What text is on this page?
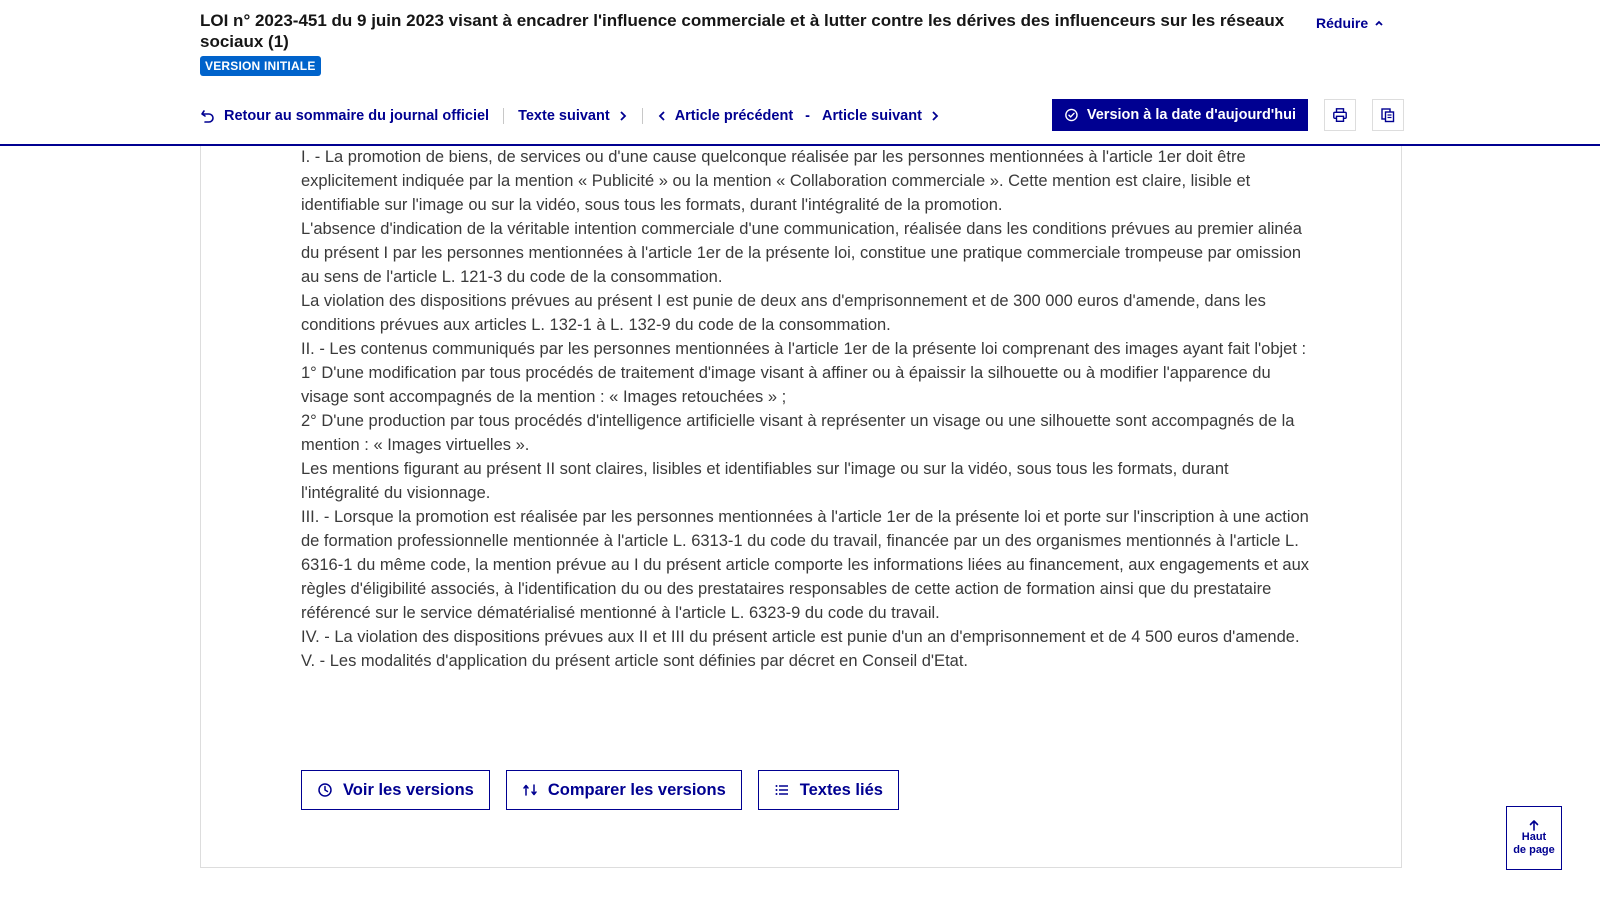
LOI n° 2023-451 du 9 juin 2023 visant à encadrer l'influence commerciale et à lutter contre les dérives des influenceurs sur les réseaux sociaux (1)
VERSION INITIALE
Réduire
Retour au sommaire du journal officiel Texte suivant	Article précédent - Article suivant	Version à la date d'aujourd'hui

I. - La promotion de biens, de services ou d'une cause quelconque réalisée par les personnes mentionnées à l'article 1er doit être explicitement indiquée par la mention « Publicité » ou la mention « Collaboration commerciale ». Cette mention est claire, lisible et identifiable sur l'image ou sur la vidéo, sous tous les formats, durant l'intégralité de la promotion.

L'absence d'indication de la véritable intention commerciale d'une communication, réalisée dans les conditions prévues au premier alinéa du présent I par les personnes mentionnées à l'article 1er de la présente loi, constitue une pratique commerciale trompeuse par omission au sens de l'article L. 121-3 du code de la consommation.

La violation des dispositions prévues au présent I est punie de deux ans d'emprisonnement et de 300 000 euros d'amende, dans les conditions prévues aux articles L. 132-1 à L. 132-9 du code de la consommation.

II. - Les contenus communiqués par les personnes mentionnées à l'article 1er de la présente loi comprenant des images ayant fait l'objet :

1° D'une modification par tous procédés de traitement d'image visant à affiner ou à épaissir la silhouette ou à modifier l'apparence du visage sont accompagnés de la mention : « Images retouchées » ;

2° D'une production par tous procédés d'intelligence artificielle visant à représenter un visage ou une silhouette sont accompagnés de la mention : « Images virtuelles ».

Les mentions figurant au présent II sont claires, lisibles et identifiables sur l'image ou sur la vidéo, sous tous les formats, durant l'intégralité du visionnage.

III. - Lorsque la promotion est réalisée par les personnes mentionnées à l'article 1er de la présente loi et porte sur l'inscription à une action de formation professionnelle mentionnée à l'article L. 6313-1 du code du travail, financée par un des organismes mentionnés à l'article L. 6316-1 du même code, la mention prévue au I du présent article comporte les informations liées au financement, aux engagements et aux règles d'éligibilité associés, à l'identification du ou des prestataires responsables de cette action de formation ainsi que du prestataire référencé sur le service dématérialisé mentionné à l'article L. 6323-9 du code du travail.

IV. - La violation des dispositions prévues aux II et III du présent article est punie d'un an d'emprisonnement et de 4 500 euros d'amende.

V. - Les modalités d'application du présent article sont définies par décret en Conseil d'Etat.

Voir les versions	Comparer les versions	Textes liés
Haut
de page
